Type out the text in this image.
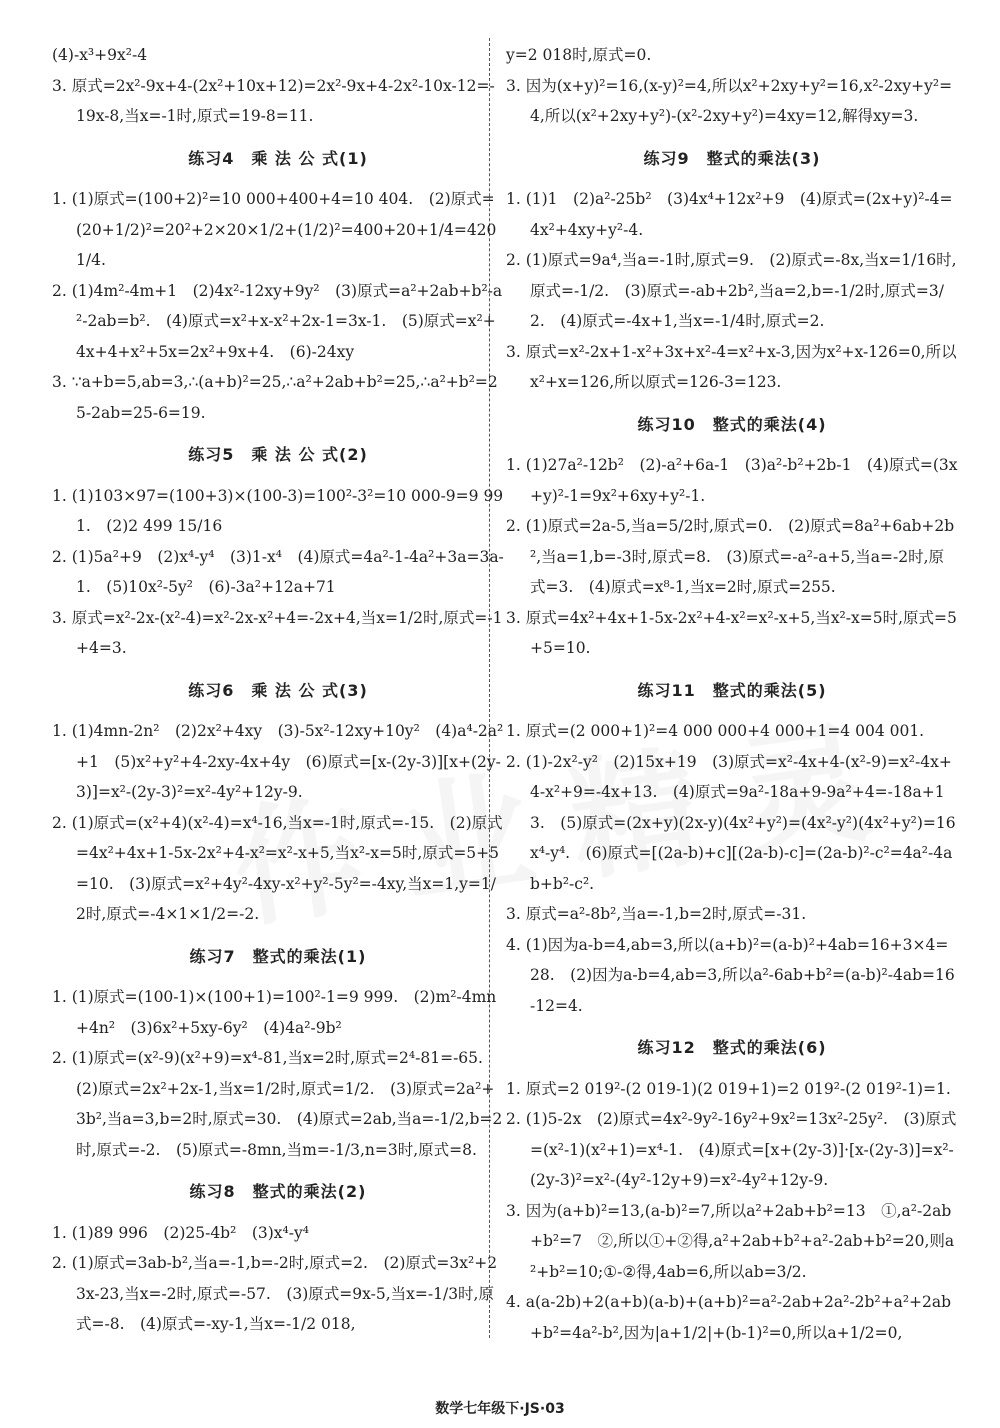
(4)-x³+9x²-4

3. 原式=2x²-9x+4-(2x²+10x+12)=2x²-9x+4-2x²-10x-12=-19x-8,当x=-1时,原式=19-8=11.

练习4　乘 法 公 式(1)

1. (1)原式=(100+2)²=10 000+400+4=10 404.　(2)原式=(20+1/2)²=20²+2×20×1/2+(1/2)²=400+20+1/4=420 1/4.

2. (1)4m²-4m+1　(2)4x²-12xy+9y²　(3)原式=a²+2ab+b²-a²-2ab=b².　(4)原式=x²+x-x²+2x-1=3x-1.　(5)原式=x²+4x+4+x²+5x=2x²+9x+4.　(6)-24xy

3. ∵a+b=5,ab=3,∴(a+b)²=25,∴a²+2ab+b²=25,∴a²+b²=25-2ab=25-6=19.

练习5　乘 法 公 式(2)

1. (1)103×97=(100+3)×(100-3)=100²-3²=10 000-9=9 991.　(2)2 499 15/16

2. (1)5a²+9　(2)x⁴-y⁴　(3)1-x⁴　(4)原式=4a²-1-4a²+3a=3a-1.　(5)10x²-5y²　(6)-3a²+12a+71

3. 原式=x²-2x-(x²-4)=x²-2x-x²+4=-2x+4,当x=1/2时,原式=-1+4=3.

练习6　乘 法 公 式(3)

1. (1)4mn-2n²　(2)2x²+4xy　(3)-5x²-12xy+10y²　(4)a⁴-2a²+1　(5)x²+y²+4-2xy-4x+4y　(6)原式=[x-(2y-3)][x+(2y-3)]=x²-(2y-3)²=x²-4y²+12y-9.

2. (1)原式=(x²+4)(x²-4)=x⁴-16,当x=-1时,原式=-15.　(2)原式=4x²+4x+1-5x-2x²+4-x²=x²-x+5,当x²-x=5时,原式=5+5=10.　(3)原式=x²+4y²-4xy-x²+y²-5y²=-4xy,当x=1,y=1/2时,原式=-4×1×1/2=-2.

练习7　整式的乘法(1)

1. (1)原式=(100-1)×(100+1)=100²-1=9 999.　(2)m²-4mn+4n²　(3)6x²+5xy-6y²　(4)4a²-9b²

2. (1)原式=(x²-9)(x²+9)=x⁴-81,当x=2时,原式=2⁴-81=-65.　(2)原式=2x²+2x-1,当x=1/2时,原式=1/2.　(3)原式=2a²+3b²,当a=3,b=2时,原式=30.　(4)原式=2ab,当a=-1/2,b=2时,原式=-2.　(5)原式=-8mn,当m=-1/3,n=3时,原式=8.

练习8　整式的乘法(2)

1. (1)89 996　(2)25-4b²　(3)x⁴-y⁴

2. (1)原式=3ab-b²,当a=-1,b=-2时,原式=2.　(2)原式=3x²+23x-23,当x=-2时,原式=-57.　(3)原式=9x-5,当x=-1/3时,原式=-8.　(4)原式=-xy-1,当x=-1/2 018,

y=2 018时,原式=0.

3. 因为(x+y)²=16,(x-y)²=4,所以x²+2xy+y²=16,x²-2xy+y²=4,所以(x²+2xy+y²)-(x²-2xy+y²)=4xy=12,解得xy=3.

练习9　整式的乘法(3)

1. (1)1　(2)a²-25b²　(3)4x⁴+12x²+9　(4)原式=(2x+y)²-4=4x²+4xy+y²-4.

2. (1)原式=9a⁴,当a=-1时,原式=9.　(2)原式=-8x,当x=1/16时,原式=-1/2.　(3)原式=-ab+2b²,当a=2,b=-1/2时,原式=3/2.　(4)原式=-4x+1,当x=-1/4时,原式=2.

3. 原式=x²-2x+1-x²+3x+x²-4=x²+x-3,因为x²+x-126=0,所以x²+x=126,所以原式=126-3=123.

练习10　整式的乘法(4)

1. (1)27a²-12b²　(2)-a²+6a-1　(3)a²-b²+2b-1　(4)原式=(3x+y)²-1=9x²+6xy+y²-1.

2. (1)原式=2a-5,当a=5/2时,原式=0.　(2)原式=8a²+6ab+2b²,当a=1,b=-3时,原式=8.　(3)原式=-a²-a+5,当a=-2时,原式=3.　(4)原式=x⁸-1,当x=2时,原式=255.

3. 原式=4x²+4x+1-5x-2x²+4-x²=x²-x+5,当x²-x=5时,原式=5+5=10.

练习11　整式的乘法(5)

1. 原式=(2 000+1)²=4 000 000+4 000+1=4 004 001.

2. (1)-2x²-y²　(2)15x+19　(3)原式=x²-4x+4-(x²-9)=x²-4x+4-x²+9=-4x+13.　(4)原式=9a²-18a+9-9a²+4=-18a+13.　(5)原式=(2x+y)(2x-y)(4x²+y²)=(4x²-y²)(4x²+y²)=16x⁴-y⁴.　(6)原式=[(2a-b)+c][(2a-b)-c]=(2a-b)²-c²=4a²-4ab+b²-c².

3. 原式=a²-8b²,当a=-1,b=2时,原式=-31.

4. (1)因为a-b=4,ab=3,所以(a+b)²=(a-b)²+4ab=16+3×4=28.　(2)因为a-b=4,ab=3,所以a²-6ab+b²=(a-b)²-4ab=16-12=4.

练习12　整式的乘法(6)

1. 原式=2 019²-(2 019-1)(2 019+1)=2 019²-(2 019²-1)=1.

2. (1)5-2x　(2)原式=4x²-9y²-16y²+9x²=13x²-25y².　(3)原式=(x²-1)(x²+1)=x⁴-1.　(4)原式=[x+(2y-3)]·[x-(2y-3)]=x²-(2y-3)²=x²-(4y²-12y+9)=x²-4y²+12y-9.

3. 因为(a+b)²=13,(a-b)²=7,所以a²+2ab+b²=13　①,a²-2ab+b²=7　②,所以①+②得,a²+2ab+b²+a²-2ab+b²=20,则a²+b²=10;①-②得,4ab=6,所以ab=3/2.

4. a(a-2b)+2(a+b)(a-b)+(a+b)²=a²-2ab+2a²-2b²+a²+2ab+b²=4a²-b²,因为|a+1/2|+(b-1)²=0,所以a+1/2=0,

数学七年级下·JS·03
